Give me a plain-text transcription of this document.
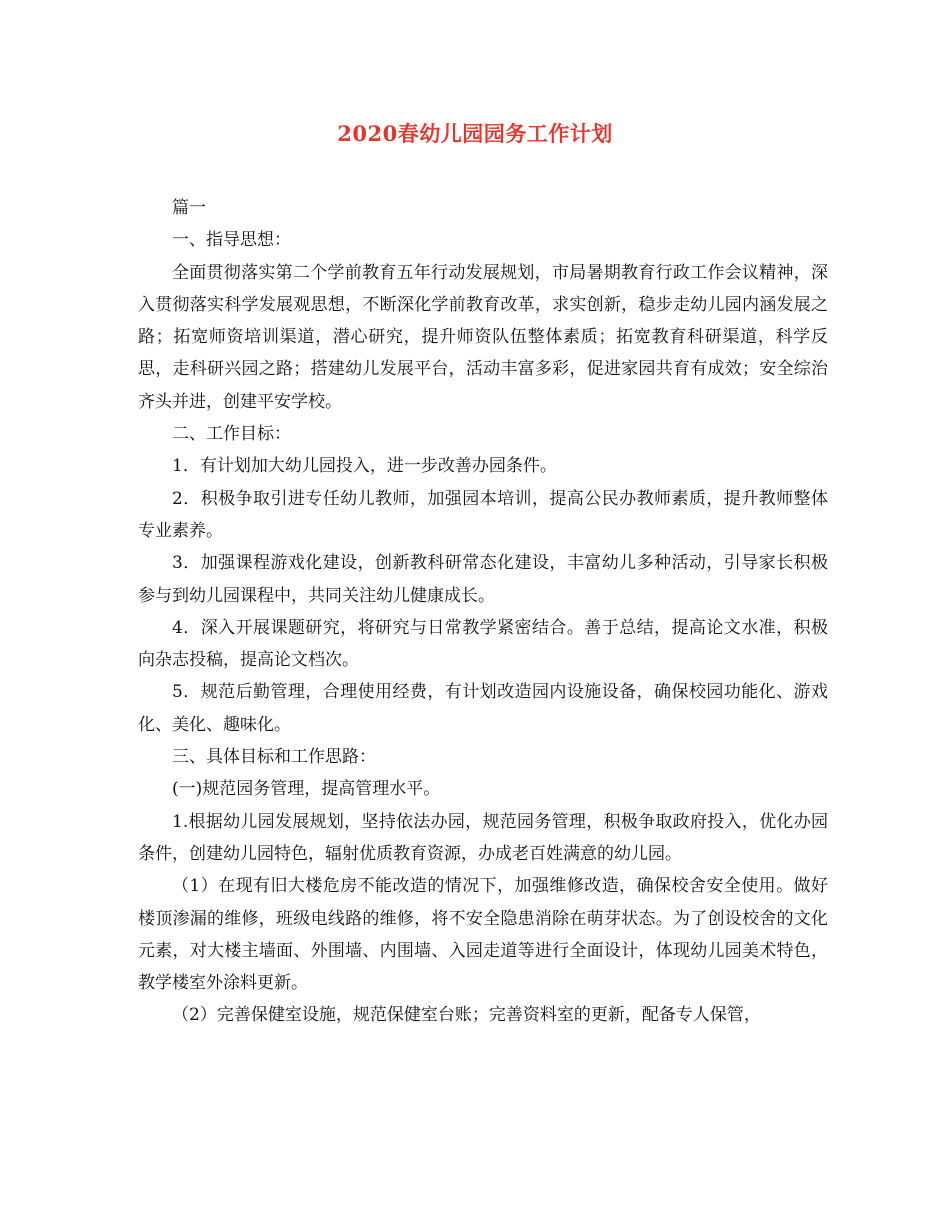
2020春幼儿园园务工作计划

篇一

一、指导思想：

全面贯彻落实第二个学前教育五年行动发展规划，市局暑期教育行政工作会议精神，深入贯彻落实科学发展观思想，不断深化学前教育改革，求实创新，稳步走幼儿园内涵发展之路；拓宽师资培训渠道，潜心研究，提升师资队伍整体素质；拓宽教育科研渠道，科学反思，走科研兴园之路；搭建幼儿发展平台，活动丰富多彩，促进家园共育有成效；安全综治齐头并进，创建平安学校。

二、工作目标：

1．有计划加大幼儿园投入，进一步改善办园条件。

2．积极争取引进专任幼儿教师，加强园本培训，提高公民办教师素质，提升教师整体专业素养。

3．加强课程游戏化建设，创新教科研常态化建设，丰富幼儿多种活动，引导家长积极参与到幼儿园课程中，共同关注幼儿健康成长。

4．深入开展课题研究，将研究与日常教学紧密结合。善于总结，提高论文水准，积极向杂志投稿，提高论文档次。

5．规范后勤管理，合理使用经费，有计划改造园内设施设备，确保校园功能化、游戏化、美化、趣味化。

三、具体目标和工作思路：

(一)规范园务管理，提高管理水平。

1.根据幼儿园发展规划，坚持依法办园，规范园务管理，积极争取政府投入，优化办园条件，创建幼儿园特色，辐射优质教育资源，办成老百姓满意的幼儿园。

（1）在现有旧大楼危房不能改造的情况下，加强维修改造，确保校舍安全使用。做好楼顶渗漏的维修，班级电线路的维修，将不安全隐患消除在萌芽状态。为了创设校舍的文化元素，对大楼主墙面、外围墙、内围墙、入园走道等进行全面设计，体现幼儿园美术特色，教学楼室外涂料更新。

（2）完善保健室设施，规范保健室台账；完善资料室的更新，配备专人保管，
